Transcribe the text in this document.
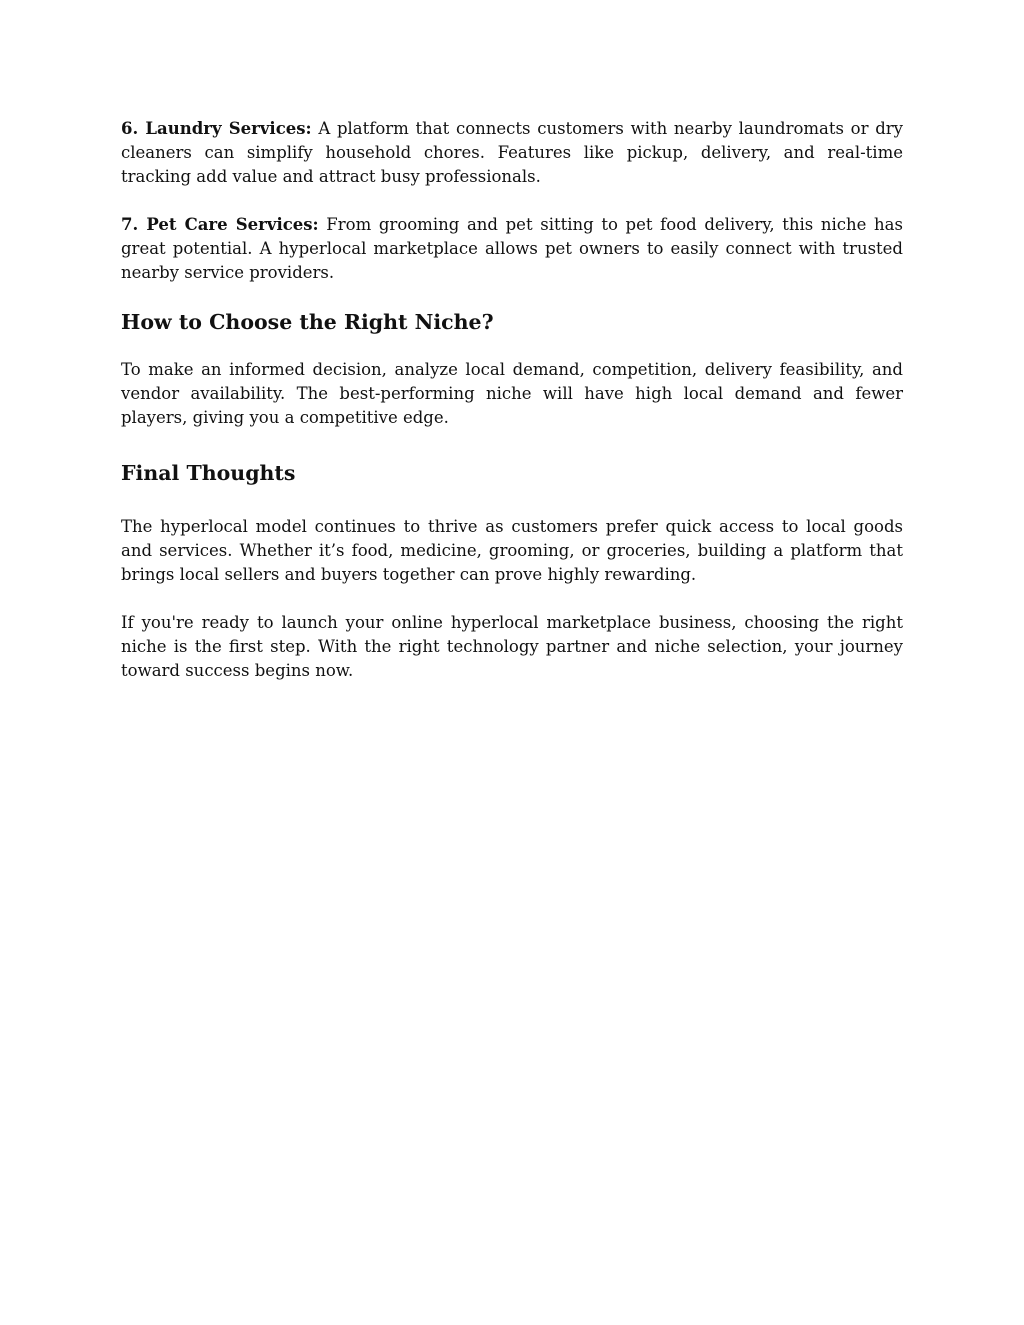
6. Laundry Services: A platform that connects customers with nearby laundromats or dry cleaners can simplify household chores. Features like pickup, delivery, and real-time tracking add value and attract busy professionals.

7. Pet Care Services: From grooming and pet sitting to pet food delivery, this niche has great potential. A hyperlocal marketplace allows pet owners to easily connect with trusted nearby service providers.

How to Choose the Right Niche?

To make an informed decision, analyze local demand, competition, delivery feasibility, and vendor availability. The best-performing niche will have high local demand and fewer players, giving you a competitive edge.

Final Thoughts

The hyperlocal model continues to thrive as customers prefer quick access to local goods and services. Whether it’s food, medicine, grooming, or groceries, building a platform that brings local sellers and buyers together can prove highly rewarding.

If you're ready to launch your online hyperlocal marketplace business, choosing the right niche is the first step. With the right technology partner and niche selection, your journey toward success begins now.
